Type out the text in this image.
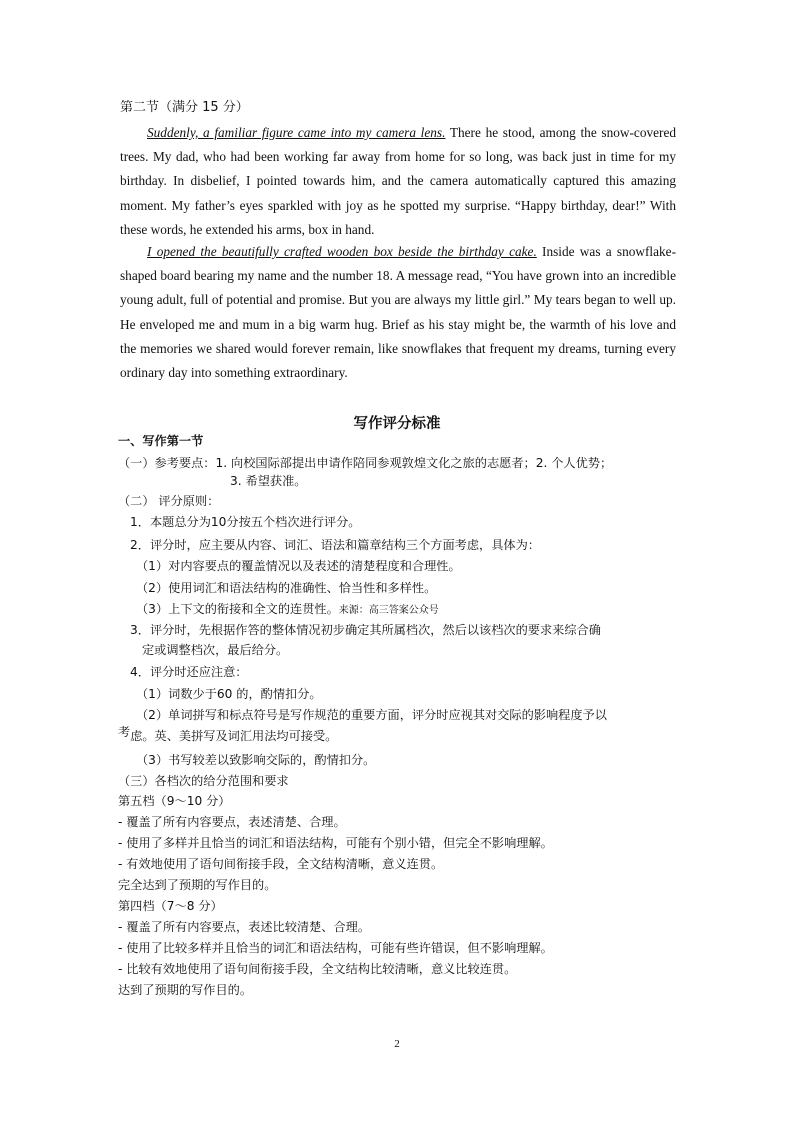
第二节（满分 15 分）
Suddenly, a familiar figure came into my camera lens. There he stood, among the snow-covered trees. My dad, who had been working far away from home for so long, was back just in time for my birthday. In disbelief, I pointed towards him, and the camera automatically captured this amazing moment. My father’s eyes sparkled with joy as he spotted my surprise. “Happy birthday, dear!” With these words, he extended his arms, box in hand.
I opened the beautifully crafted wooden box beside the birthday cake. Inside was a snowflake-shaped board bearing my name and the number 18. A message read, “You have grown into an incredible young adult, full of potential and promise. But you are always my little girl.” My tears began to well up. He enveloped me and mum in a big warm hug. Brief as his stay might be, the warmth of his love and the memories we shared would forever remain, like snowflakes that frequent my dreams, turning every ordinary day into something extraordinary.
写作评分标准
一、写作第一节
（一）参考要点：1. 向校国际部提出申请作陪同参观敦煌文化之旅的志愿者；2. 个人优势；
3. 希望获准。
（二） 评分原则：
1．本题总分为10分按五个档次进行评分。
2．评分时，应主要从内容、词汇、语法和篇章结构三个方面考虑，具体为：
（1）对内容要点的覆盖情况以及表述的清楚程度和合理性。
（2）使用词汇和语法结构的准确性、恰当性和多样性。
（3）上下文的衔接和全文的连贯性。来源：高三答案公众号
3．评分时，先根据作答的整体情况初步确定其所属档次，然后以该档次的要求来综合确
定或调整档次，最后给分。
4．评分时还应注意：
（1）词数少于60 的，酌情扣分。
（2）单词拼写和标点符号是写作规范的重要方面，评分时应视其对交际的影响程度予以
考虑。英、美拼写及词汇用法均可接受。
（3）书写较差以致影响交际的，酌情扣分。
（三）各档次的给分范围和要求
第五档（9～10 分）
- 覆盖了所有内容要点，表述清楚、合理。
- 使用了多样并且恰当的词汇和语法结构，可能有个别小错，但完全不影响理解。
- 有效地使用了语句间衔接手段，全文结构清晰，意义连贯。
完全达到了预期的写作目的。
第四档（7～8 分）
- 覆盖了所有内容要点，表述比较清楚、合理。
- 使用了比较多样并且恰当的词汇和语法结构，可能有些许错误，但不影响理解。
- 比较有效地使用了语句间衔接手段，全文结构比较清晰，意义比较连贯。
达到了预期的写作目的。
2
